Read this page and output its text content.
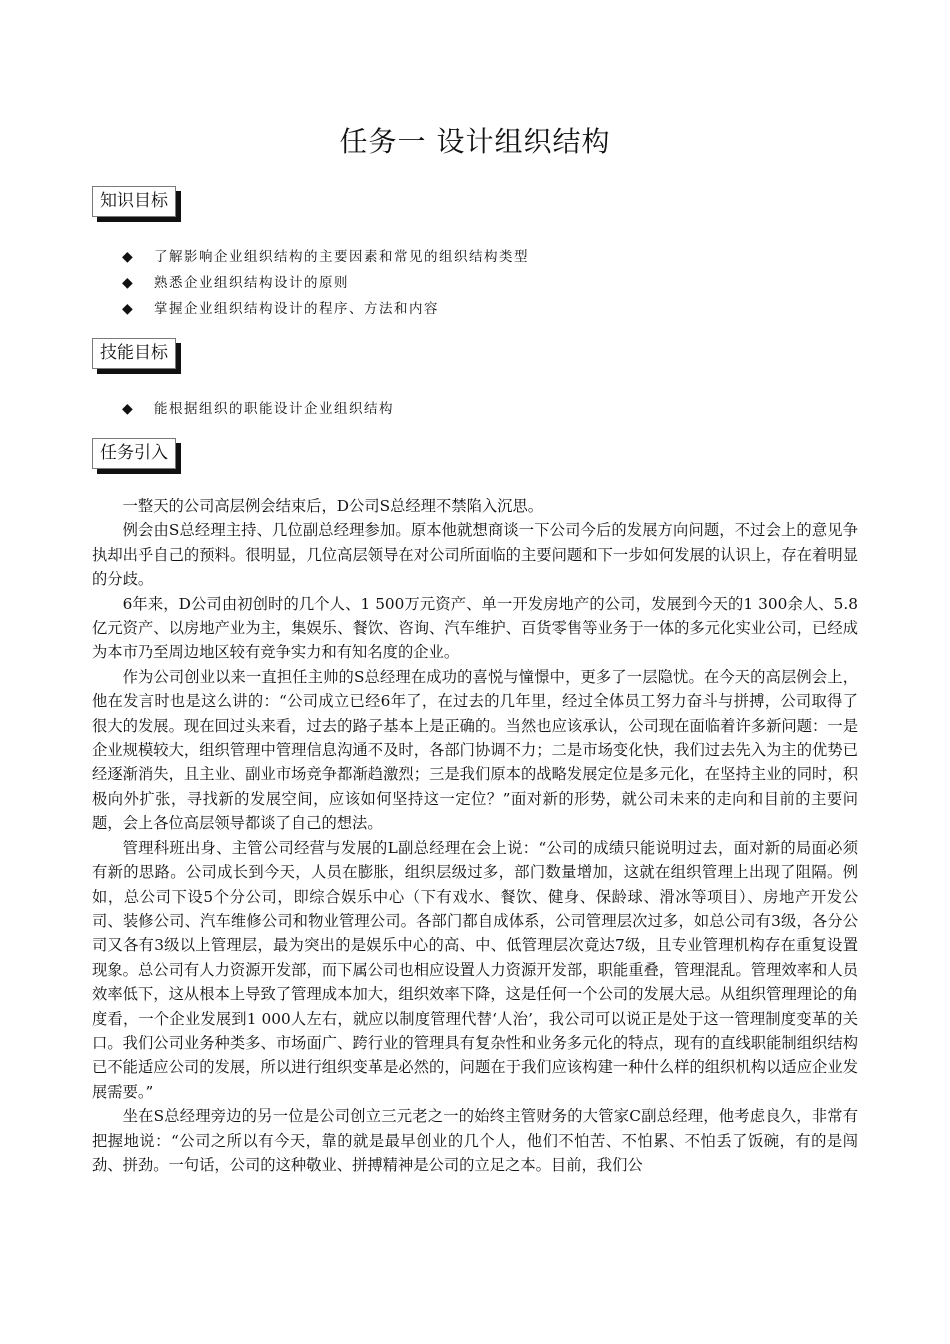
任务一 设计组织结构
知识目标
◆ 了解影响企业组织结构的主要因素和常见的组织结构类型
◆ 熟悉企业组织结构设计的原则
◆ 掌握企业组织结构设计的程序、方法和内容
技能目标
◆ 能根据组织的职能设计企业组织结构
任务引入

一整天的公司高层例会结束后，D公司S总经理不禁陷入沉思。

例会由S总经理主持、几位副总经理参加。原本他就想商谈一下公司今后的发展方向问题，不过会上的意见争执却出乎自己的预料。很明显，几位高层领导在对公司所面临的主要问题和下一步如何发展的认识上，存在着明显的分歧。

6年来，D公司由初创时的几个人、1 500万元资产、单一开发房地产的公司，发展到今天的1 300余人、5.8亿元资产、以房地产业为主，集娱乐、餐饮、咨询、汽车维护、百货零售等业务于一体的多元化实业公司，已经成为本市乃至周边地区较有竞争实力和有知名度的企业。

作为公司创业以来一直担任主帅的S总经理在成功的喜悦与憧憬中，更多了一层隐忧。在今天的高层例会上，他在发言时也是这么讲的：“公司成立已经6年了，在过去的几年里，经过全体员工努力奋斗与拼搏，公司取得了很大的发展。现在回过头来看，过去的路子基本上是正确的。当然也应该承认，公司现在面临着许多新问题：一是企业规模较大，组织管理中管理信息沟通不及时，各部门协调不力；二是市场变化快，我们过去先入为主的优势已经逐渐消失，且主业、副业市场竞争都渐趋激烈；三是我们原本的战略发展定位是多元化，在坚持主业的同时，积极向外扩张，寻找新的发展空间，应该如何坚持这一定位？”面对新的形势，就公司未来的走向和目前的主要问题，会上各位高层领导都谈了自己的想法。

管理科班出身、主管公司经营与发展的L副总经理在会上说：“公司的成绩只能说明过去，面对新的局面必须有新的思路。公司成长到今天，人员在膨胀，组织层级过多，部门数量增加，这就在组织管理上出现了阻隔。例如，总公司下设5个分公司，即综合娱乐中心（下有戏水、餐饮、健身、保龄球、滑冰等项目）、房地产开发公司、装修公司、汽车维修公司和物业管理公司。各部门都自成体系，公司管理层次过多，如总公司有3级，各分公司又各有3级以上管理层，最为突出的是娱乐中心的高、中、低管理层次竟达7级，且专业管理机构存在重复设置现象。总公司有人力资源开发部，而下属公司也相应设置人力资源开发部，职能重叠，管理混乱。管理效率和人员效率低下，这从根本上导致了管理成本加大，组织效率下降，这是任何一个公司的发展大忌。从组织管理理论的角度看，一个企业发展到1 000人左右，就应以制度管理代替‘人治’，我公司可以说正是处于这一管理制度变革的关口。我们公司业务种类多、市场面广、跨行业的管理具有复杂性和业务多元化的特点，现有的直线职能制组织结构已不能适应公司的发展，所以进行组织变革是必然的，问题在于我们应该构建一种什么样的组织机构以适应企业发展需要。”

坐在S总经理旁边的另一位是公司创立三元老之一的始终主管财务的大管家C副总经理，他考虑良久，非常有把握地说：“公司之所以有今天，靠的就是最早创业的几个人，他们不怕苦、不怕累、不怕丢了饭碗，有的是闯劲、拼劲。一句话，公司的这种敬业、拼搏精神是公司的立足之本。目前，我们公
